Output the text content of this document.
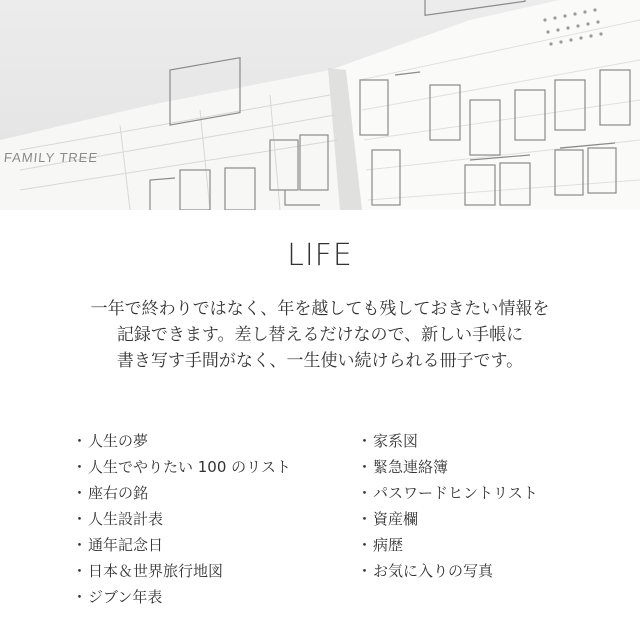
FAMILY TREE
LIFE
一年で終わりではなく、年を越しても残しておきたい情報を
記録できます。差し替えるだけなので、新しい手帳に
書き写す手間がなく、一生使い続けられる冊子です。
・人生の夢
・人生でやりたい 100 のリスト
・座右の銘
・人生設計表
・通年記念日
・日本＆世界旅行地図
・ジブン年表
・家系図
・緊急連絡簿
・パスワードヒントリスト
・資産欄
・病歴
・お気に入りの写真
